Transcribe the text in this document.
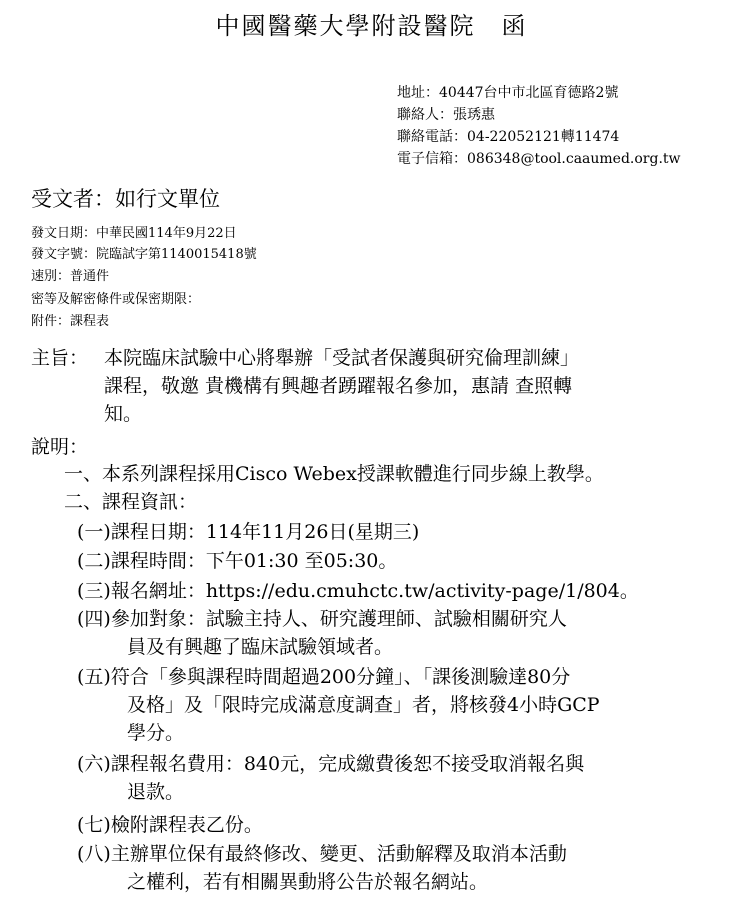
中國醫藥大學附設醫院　函
地址：40447台中市北區育德路2號
聯絡人：張琇惠
聯絡電話：04-22052121轉11474
電子信箱：086348@tool.caaumed.org.tw
受文者：如行文單位
發文日期：中華民國114年9月22日
發文字號：院臨試字第1140015418號
速別：普通件
密等及解密條件或保密期限：
附件：課程表
主旨： 本院臨床試驗中心將舉辦「受試者保護與研究倫理訓練」
課程，敬邀 貴機構有興趣者踴躍報名參加，惠請 查照轉
知。
說明：
一、本系列課程採用Cisco Webex授課軟體進行同步線上教學。
二、課程資訊：
(一)課程日期：114年11月26日(星期三)
(二)課程時間：下午01:30 至05:30。
(三)報名網址：https://edu.cmuhctc.tw/activity-page/1/804。
(四)參加對象：試驗主持人、研究護理師、試驗相關研究人
員及有興趣了臨床試驗領域者。
(五)符合「參與課程時間超過200分鐘」、「課後測驗達80分
及格」及「限時完成滿意度調查」者，將核發4小時GCP
學分。
(六)課程報名費用：840元，完成繳費後恕不接受取消報名與
退款。
(七)檢附課程表乙份。
(八)主辦單位保有最終修改、變更、活動解釋及取消本活動
之權利，若有相關異動將公告於報名網站。
